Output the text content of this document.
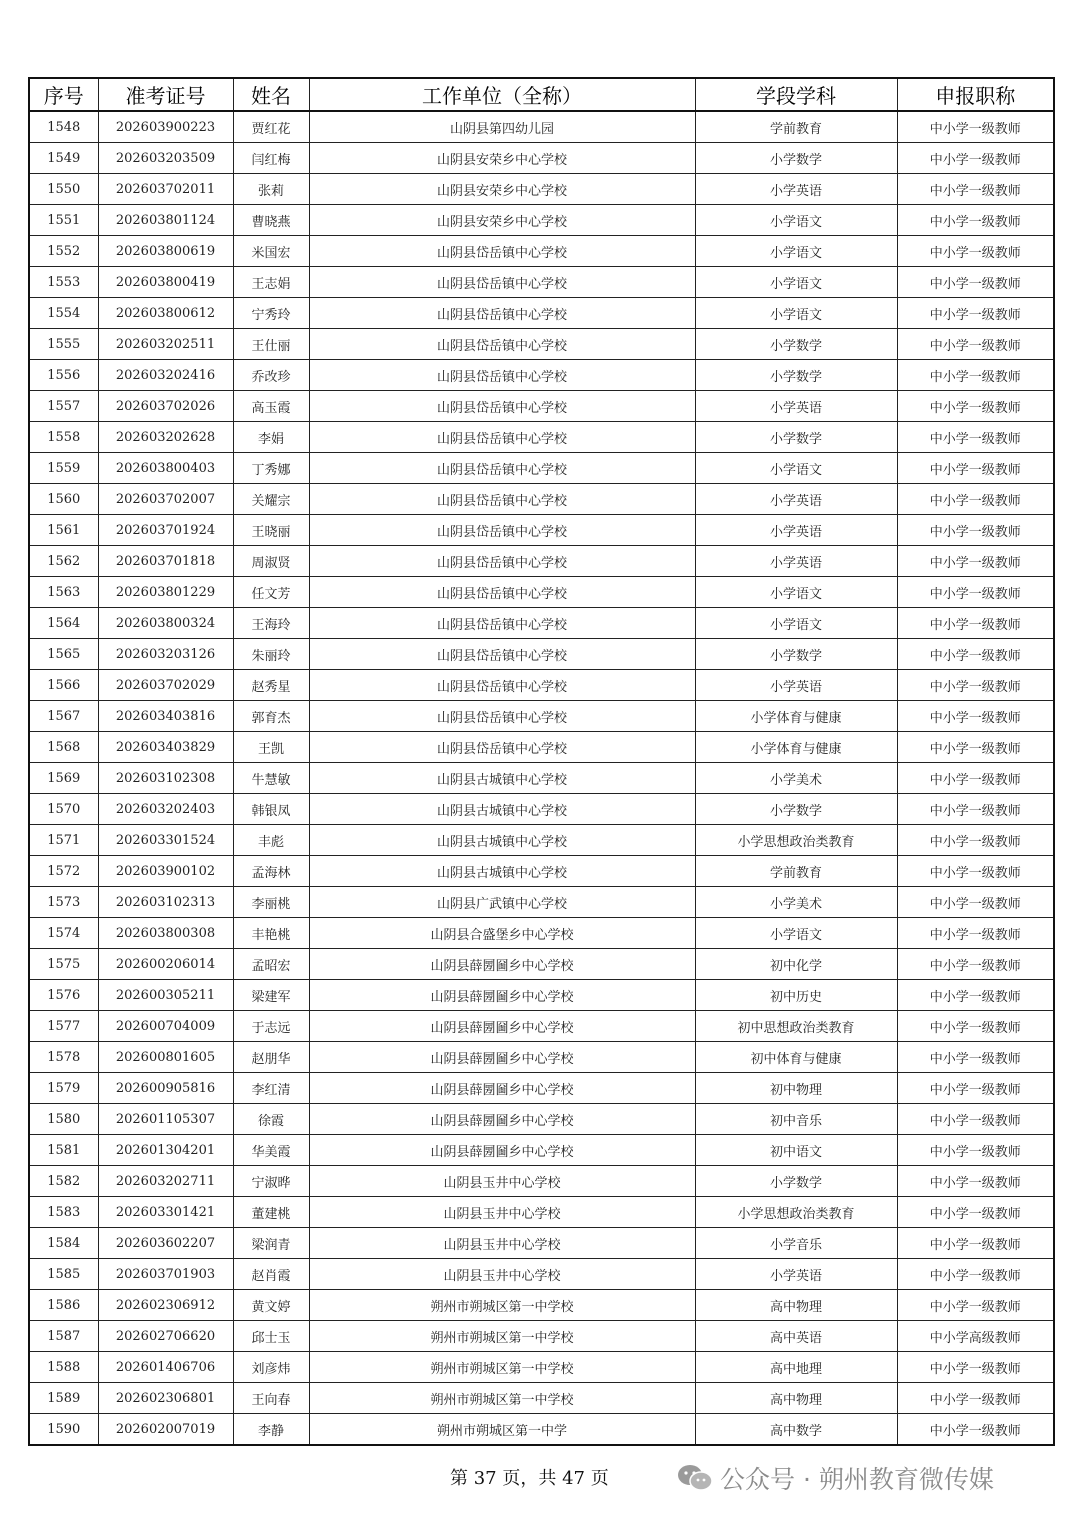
序号	准考证号	姓名	工作单位（全称）	学段学科	申报职称
1548	202603900223	贾红花	山阴县第四幼儿园	学前教育	中小学一级教师
1549	202603203509	闫红梅	山阴县安荣乡中心学校	小学数学	中小学一级教师
1550	202603702011	张莉	山阴县安荣乡中心学校	小学英语	中小学一级教师
1551	202603801124	曹晓燕	山阴县安荣乡中心学校	小学语文	中小学一级教师
1552	202603800619	米国宏	山阴县岱岳镇中心学校	小学语文	中小学一级教师
1553	202603800419	王志娟	山阴县岱岳镇中心学校	小学语文	中小学一级教师
1554	202603800612	宁秀玲	山阴县岱岳镇中心学校	小学语文	中小学一级教师
1555	202603202511	王仕丽	山阴县岱岳镇中心学校	小学数学	中小学一级教师
1556	202603202416	乔改珍	山阴县岱岳镇中心学校	小学数学	中小学一级教师
1557	202603702026	高玉霞	山阴县岱岳镇中心学校	小学英语	中小学一级教师
1558	202603202628	李娟	山阴县岱岳镇中心学校	小学数学	中小学一级教师
1559	202603800403	丁秀娜	山阴县岱岳镇中心学校	小学语文	中小学一级教师
1560	202603702007	关耀宗	山阴县岱岳镇中心学校	小学英语	中小学一级教师
1561	202603701924	王晓丽	山阴县岱岳镇中心学校	小学英语	中小学一级教师
1562	202603701818	周淑贤	山阴县岱岳镇中心学校	小学英语	中小学一级教师
1563	202603801229	任文芳	山阴县岱岳镇中心学校	小学语文	中小学一级教师
1564	202603800324	王海玲	山阴县岱岳镇中心学校	小学语文	中小学一级教师
1565	202603203126	朱丽玲	山阴县岱岳镇中心学校	小学数学	中小学一级教师
1566	202603702029	赵秀星	山阴县岱岳镇中心学校	小学英语	中小学一级教师
1567	202603403816	郭育杰	山阴县岱岳镇中心学校	小学体育与健康	中小学一级教师
1568	202603403829	王凯	山阴县岱岳镇中心学校	小学体育与健康	中小学一级教师
1569	202603102308	牛慧敏	山阴县古城镇中心学校	小学美术	中小学一级教师
1570	202603202403	韩银凤	山阴县古城镇中心学校	小学数学	中小学一级教师
1571	202603301524	丰彪	山阴县古城镇中心学校	小学思想政治类教育	中小学一级教师
1572	202603900102	孟海林	山阴县古城镇中心学校	学前教育	中小学一级教师
1573	202603102313	李丽桃	山阴县广武镇中心学校	小学美术	中小学一级教师
1574	202603800308	丰艳桃	山阴县合盛堡乡中心学校	小学语文	中小学一级教师
1575	202600206014	孟昭宏	山阴县薛圐圙乡中心学校	初中化学	中小学一级教师
1576	202600305211	梁建军	山阴县薛圐圙乡中心学校	初中历史	中小学一级教师
1577	202600704009	于志远	山阴县薛圐圙乡中心学校	初中思想政治类教育	中小学一级教师
1578	202600801605	赵朋华	山阴县薛圐圙乡中心学校	初中体育与健康	中小学一级教师
1579	202600905816	李红清	山阴县薛圐圙乡中心学校	初中物理	中小学一级教师
1580	202601105307	徐霞	山阴县薛圐圙乡中心学校	初中音乐	中小学一级教师
1581	202601304201	华美霞	山阴县薛圐圙乡中心学校	初中语文	中小学一级教师
1582	202603202711	宁淑晔	山阴县玉井中心学校	小学数学	中小学一级教师
1583	202603301421	董建桃	山阴县玉井中心学校	小学思想政治类教育	中小学一级教师
1584	202603602207	梁润青	山阴县玉井中心学校	小学音乐	中小学一级教师
1585	202603701903	赵肖霞	山阴县玉井中心学校	小学英语	中小学一级教师
1586	202602306912	黄文婷	朔州市朔城区第一中学校	高中物理	中小学一级教师
1587	202602706620	邱士玉	朔州市朔城区第一中学校	高中英语	中小学高级教师
1588	202601406706	刘彦炜	朔州市朔城区第一中学校	高中地理	中小学一级教师
1589	202602306801	王向春	朔州市朔城区第一中学校	高中物理	中小学一级教师
1590	202602007019	李静	朔州市朔城区第一中学	高中数学	中小学一级教师
第 37 页，共 47 页	公众号 · 朔州教育微传媒
